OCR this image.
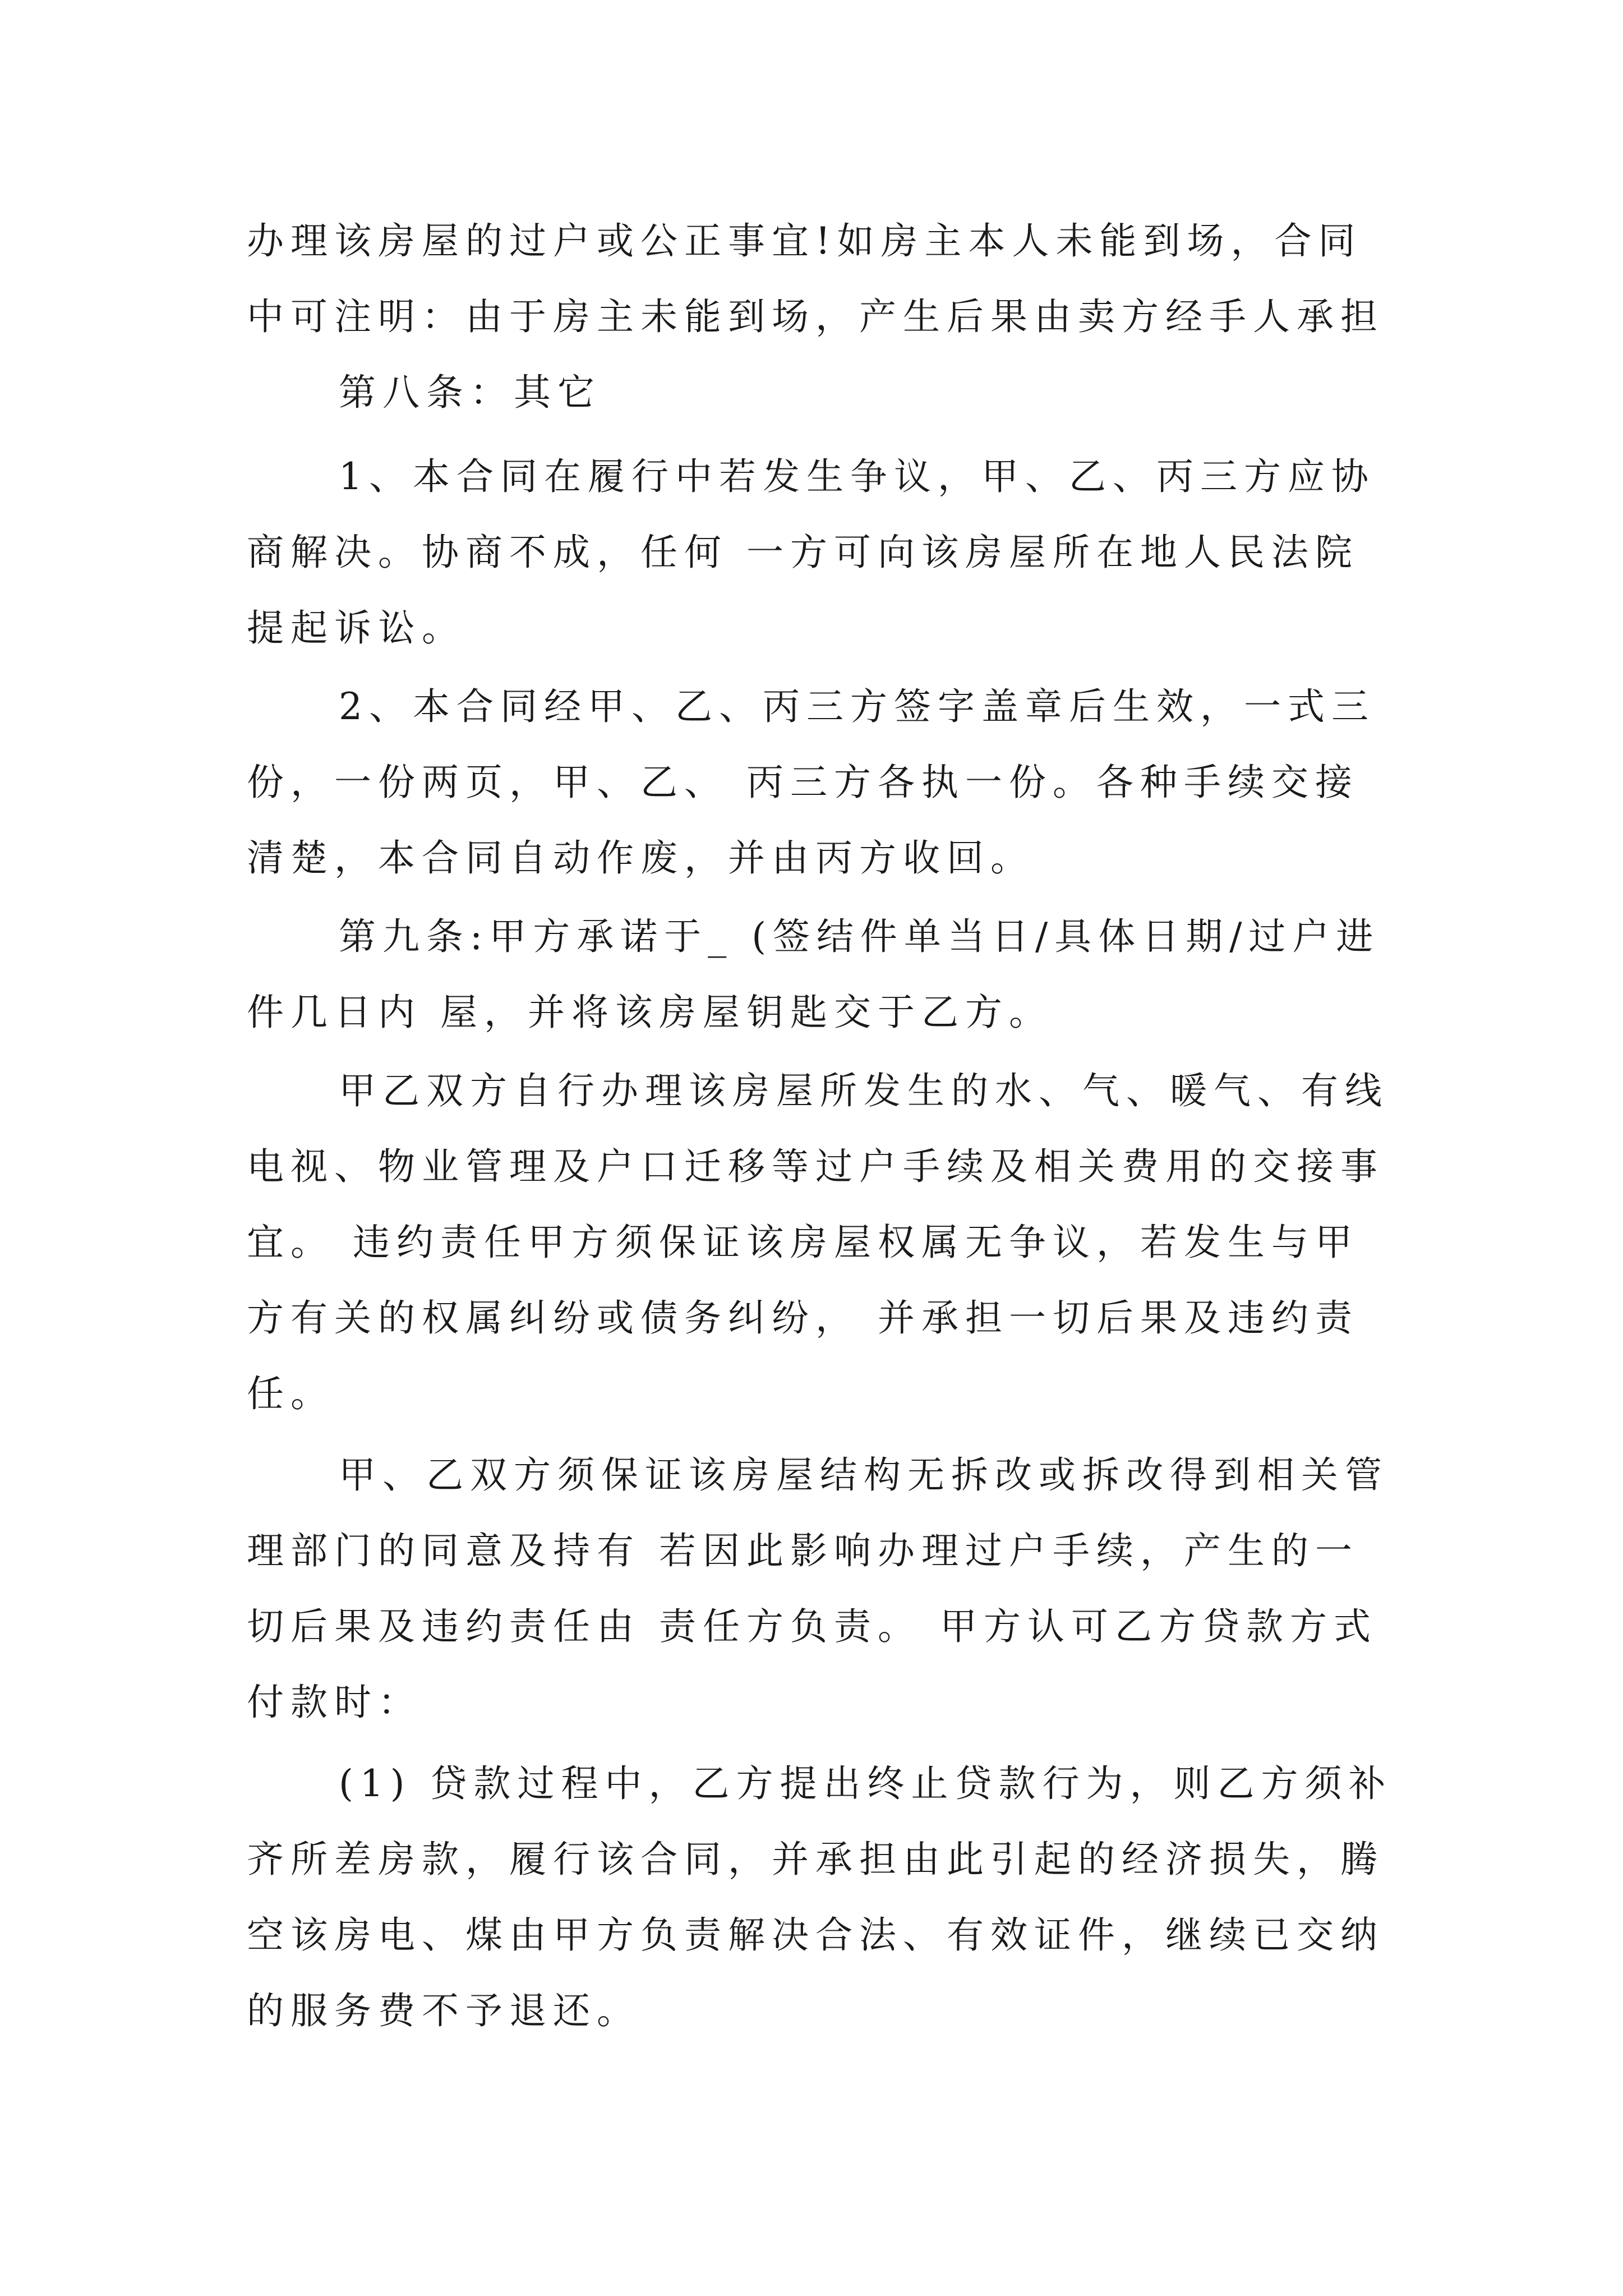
办理该房屋的过户或公正事宜!如房主本人未能到场，合同

中可注明：由于房主未能到场，产生后果由卖方经手人承担

第八条：其它

1、本合同在履行中若发生争议，甲、乙、丙三方应协

商解决。协商不成，任何 一方可向该房屋所在地人民法院

提起诉讼。

2、本合同经甲、乙、丙三方签字盖章后生效，一式三

份，一份两页，甲、乙、 丙三方各执一份。各种手续交接

清楚，本合同自动作废，并由丙方收回。

第九条:甲方承诺于_ (签结件单当日/具体日期/过户进

件几日内 屋，并将该房屋钥匙交于乙方。

甲乙双方自行办理该房屋所发生的水、气、暖气、有线

电视、物业管理及户口迁移等过户手续及相关费用的交接事

宜。 违约责任甲方须保证该房屋权属无争议，若发生与甲

方有关的权属纠纷或债务纠纷， 并承担一切后果及违约责

任。

甲、乙双方须保证该房屋结构无拆改或拆改得到相关管

理部门的同意及持有 若因此影响办理过户手续，产生的一

切后果及违约责任由 责任方负责。 甲方认可乙方贷款方式

付款时：

(1) 贷款过程中，乙方提出终止贷款行为，则乙方须补

齐所差房款，履行该合同，并承担由此引起的经济损失，腾

空该房电、煤由甲方负责解决合法、有效证件，继续已交纳

的服务费不予退还。
